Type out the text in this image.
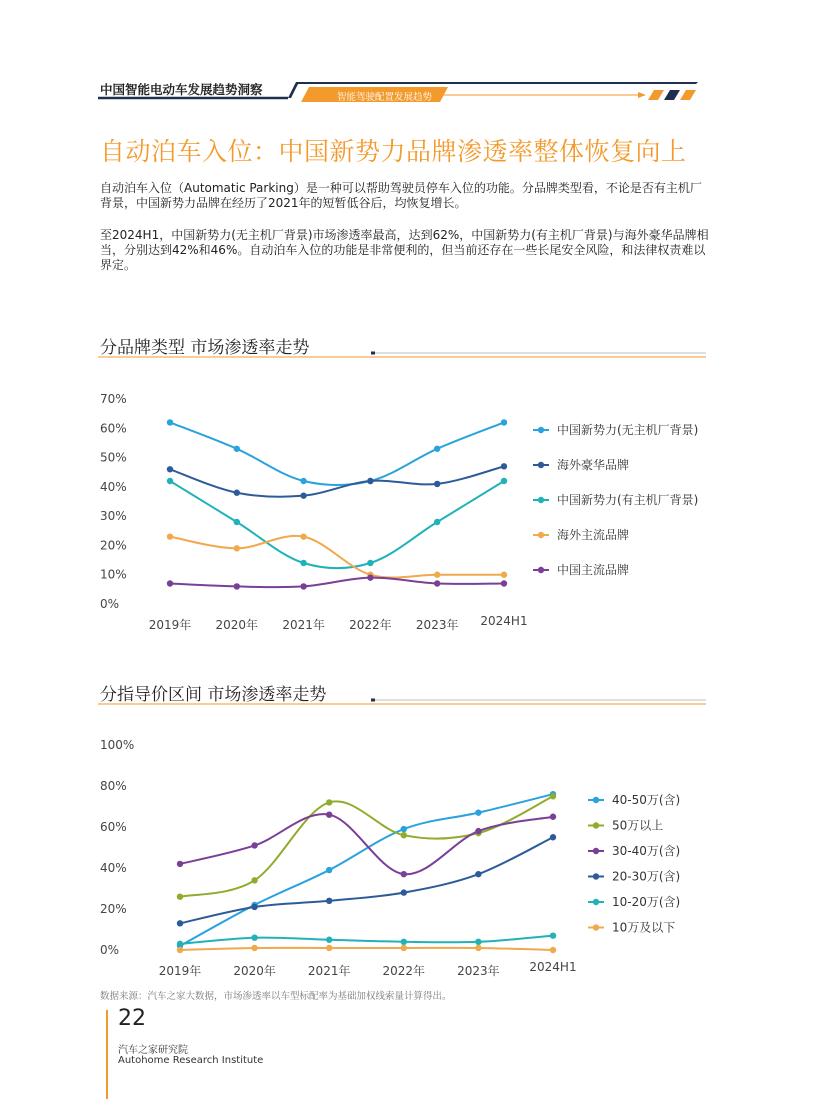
中国智能电动车发展趋势洞察
智能驾驶配置发展趋势
自动泊车入位：中国新势力品牌渗透率整体恢复向上
自动泊车入位（Automatic Parking）是一种可以帮助驾驶员停车入位的功能。分品牌类型看，不论是否有主机厂背景，中国新势力品牌在经历了2021年的短暂低谷后，均恢复增长。
至2024H1，中国新势力(无主机厂背景)市场渗透率最高，达到62%，中国新势力(有主机厂背景)与海外豪华品牌相当，分别达到42%和46%。自动泊车入位的功能是非常便利的，但当前还存在一些长尾安全风险，和法律权责难以界定。
分品牌类型 市场渗透率走势
0%
10%
20%
30%
40%
50%
60%
70%
2019年 2020年 2021年 2022年 2023年 2024H1
中国新势力(无主机厂背景)
海外豪华品牌
中国新势力(有主机厂背景)
海外主流品牌
中国主流品牌
分指导价区间 市场渗透率走势
0%
20%
40%
60%
80%
100%
2019年	2020年	2021年	2022年	2023年 2024H1
40-50万(含)
50万以上
30-40万(含)
20-30万(含)
10-20万(含)
10万及以下
数据来源：汽车之家大数据，市场渗透率以车型标配率为基础加权线索量计算得出。
22
汽车之家研究院
Autohome Research Institute
